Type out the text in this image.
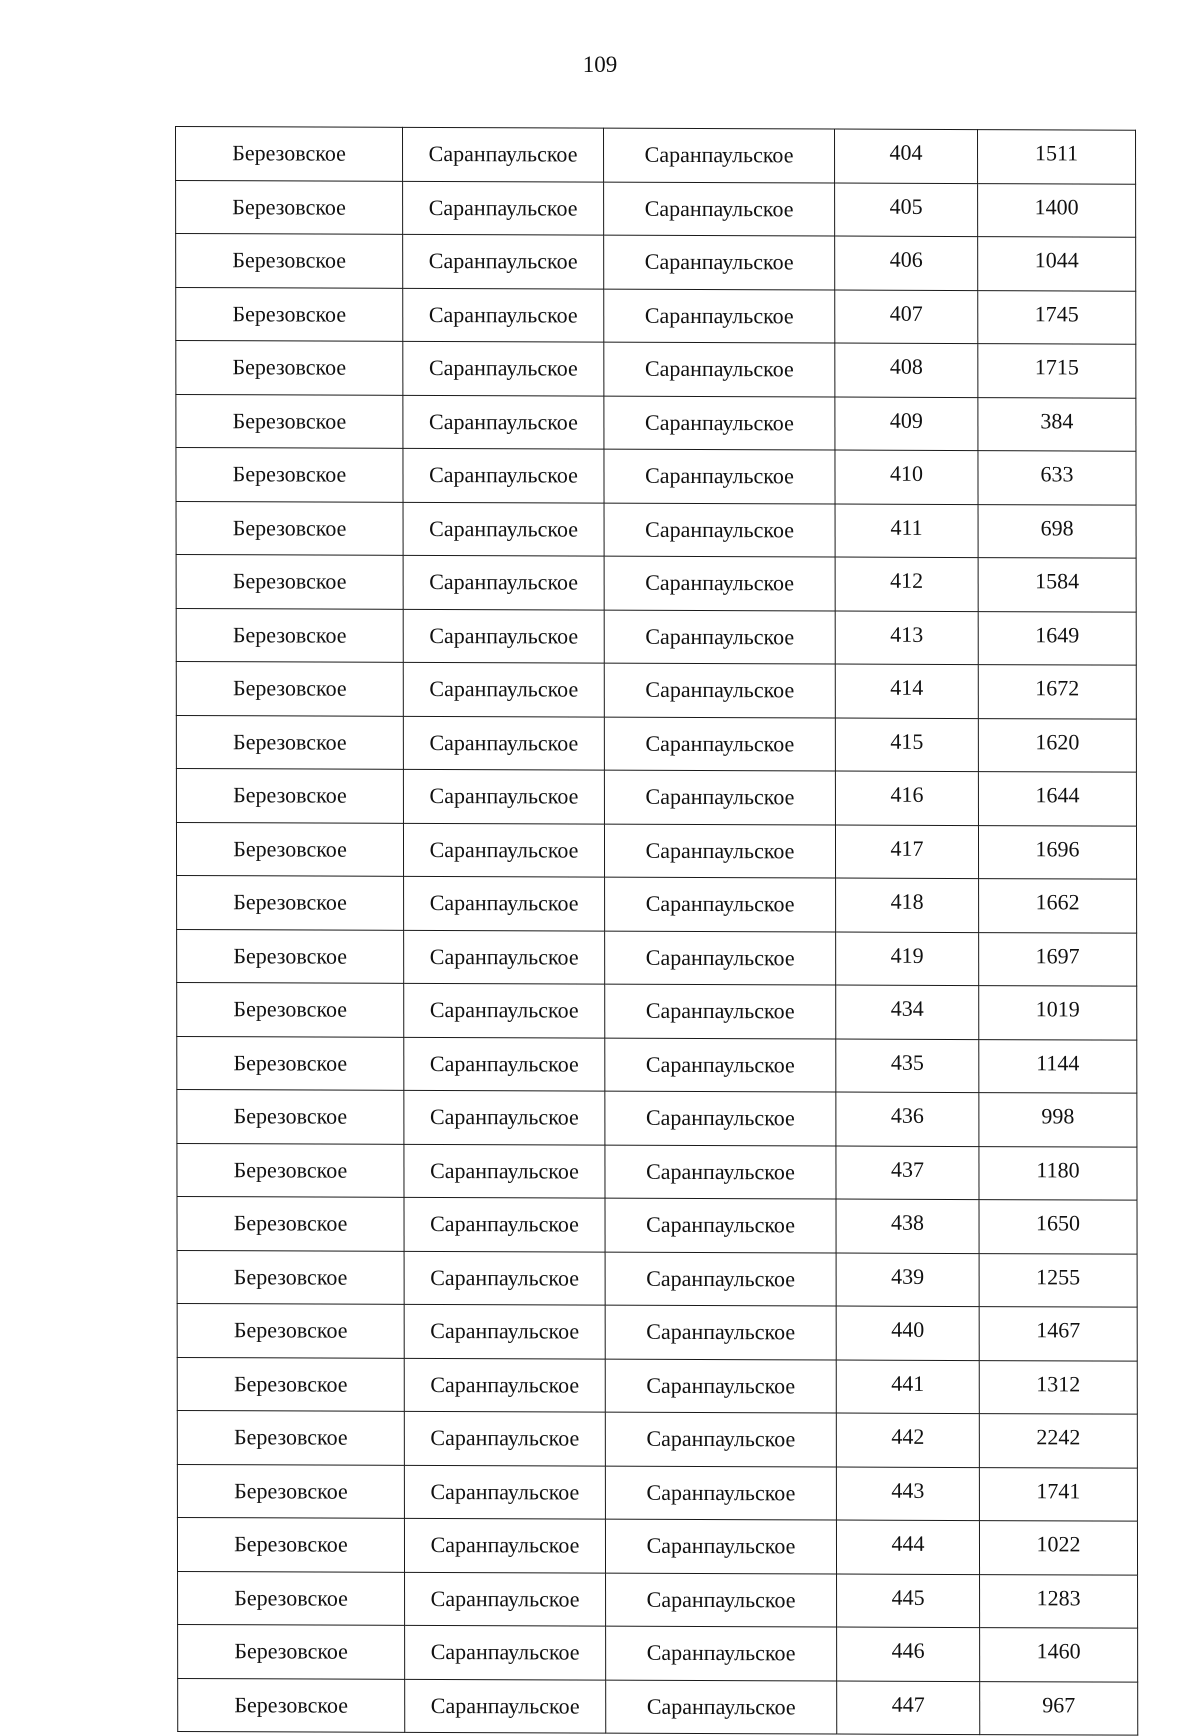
109
Березовское	Саранпаульское	Саранпаульское	404	1511
Березовское	Саранпаульское	Саранпаульское	405	1400
Березовское	Саранпаульское	Саранпаульское	406	1044
Березовское	Саранпаульское	Саранпаульское	407	1745
Березовское	Саранпаульское	Саранпаульское	408	1715
Березовское	Саранпаульское	Саранпаульское	409	384
Березовское	Саранпаульское	Саранпаульское	410	633
Березовское	Саранпаульское	Саранпаульское	411	698
Березовское	Саранпаульское	Саранпаульское	412	1584
Березовское	Саранпаульское	Саранпаульское	413	1649
Березовское	Саранпаульское	Саранпаульское	414	1672
Березовское	Саранпаульское	Саранпаульское	415	1620
Березовское	Саранпаульское	Саранпаульское	416	1644
Березовское	Саранпаульское	Саранпаульское	417	1696
Березовское	Саранпаульское	Саранпаульское	418	1662
Березовское	Саранпаульское	Саранпаульское	419	1697
Березовское	Саранпаульское	Саранпаульское	434	1019
Березовское	Саранпаульское	Саранпаульское	435	1144
Березовское	Саранпаульское	Саранпаульское	436	998
Березовское	Саранпаульское	Саранпаульское	437	1180
Березовское	Саранпаульское	Саранпаульское	438	1650
Березовское	Саранпаульское	Саранпаульское	439	1255
Березовское	Саранпаульское	Саранпаульское	440	1467
Березовское	Саранпаульское	Саранпаульское	441	1312
Березовское	Саранпаульское	Саранпаульское	442	2242
Березовское	Саранпаульское	Саранпаульское	443	1741
Березовское	Саранпаульское	Саранпаульское	444	1022
Березовское	Саранпаульское	Саранпаульское	445	1283
Березовское	Саранпаульское	Саранпаульское	446	1460
Березовское	Саранпаульское	Саранпаульское	447	967
